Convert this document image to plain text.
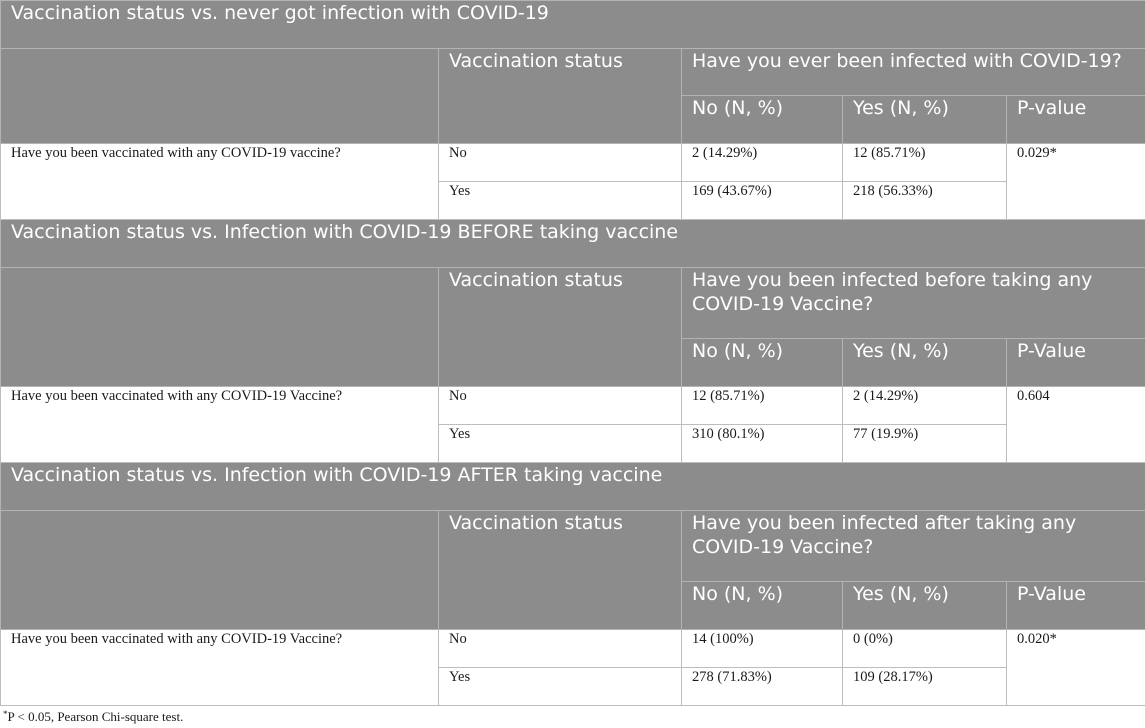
Vaccination status vs. never got infection with COVID-19				
	Vaccination status	Have you ever been infected with COVID-19?		
		No (N, %)	Yes (N, %)	P-value
Have you been vaccinated with any COVID-19 vaccine?	No	2 (14.29%)	12 (85.71%)	0.029*
	Yes	169 (43.67%)	218 (56.33%)	
Vaccination status vs. Infection with COVID-19 BEFORE taking vaccine				
	Vaccination status	Have you been infected before taking any COVID-19 Vaccine?		
		No (N, %)	Yes (N, %)	P-Value
Have you been vaccinated with any COVID-19 Vaccine?	No	12 (85.71%)	2 (14.29%)	0.604
	Yes	310 (80.1%)	77 (19.9%)	
Vaccination status vs. Infection with COVID-19 AFTER taking vaccine				
	Vaccination status	Have you been infected after taking any COVID-19 Vaccine?		
		No (N, %)	Yes (N, %)	P-Value
Have you been vaccinated with any COVID-19 Vaccine?	No	14 (100%)	0 (0%)	0.020*
	Yes	278 (71.83%)	109 (28.17%)	

*P < 0.05, Pearson Chi-square test.
